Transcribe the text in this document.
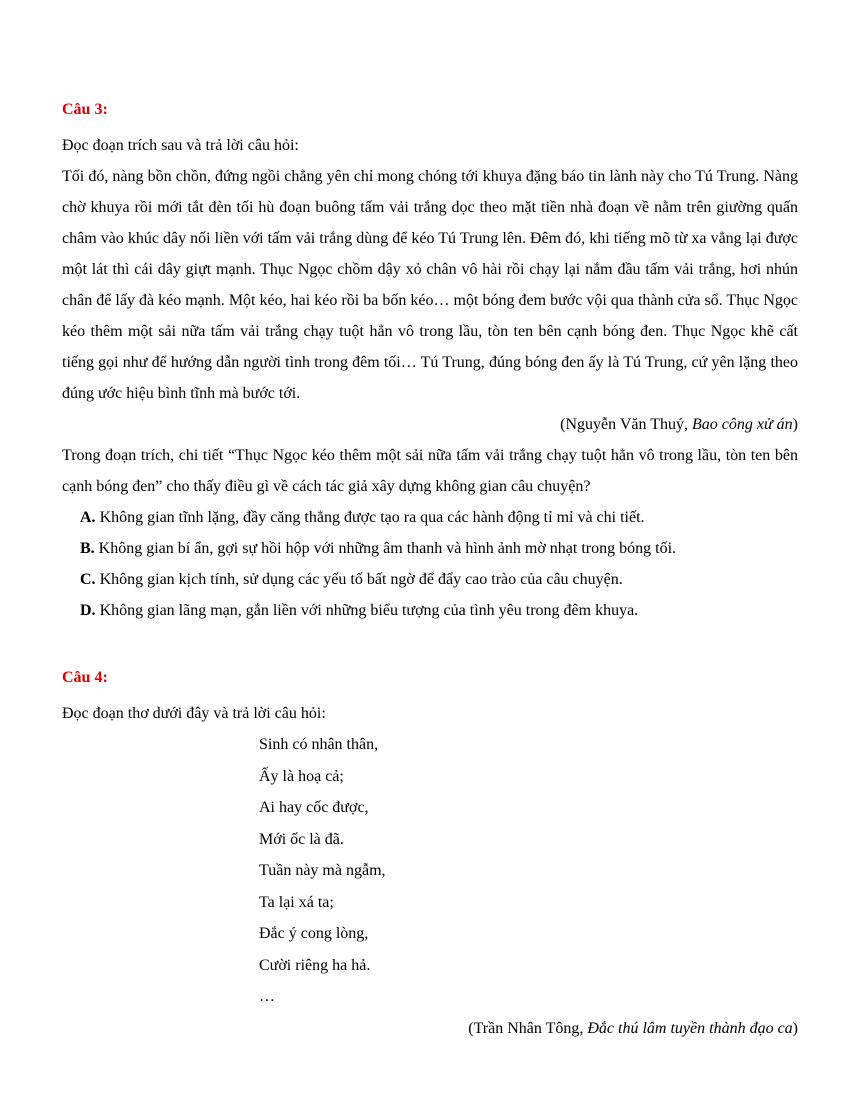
Câu 3:

Đọc đoạn trích sau và trả lời câu hỏi:

Tối đó, nàng bồn chồn, đứng ngồi chẳng yên chỉ mong chóng tới khuya đặng báo tin lành này cho Tú Trung. Nàng chờ khuya rồi mới tắt đèn tối hù đoạn buông tấm vải trắng dọc theo mặt tiền nhà đoạn về nằm trên giường quấn châm vào khúc dây nối liền với tấm vải trắng dùng để kéo Tú Trung lên. Đêm đó, khi tiếng mõ từ xa vẳng lại được một lát thì cái dây giựt mạnh. Thục Ngọc chồm dậy xỏ chân vô hài rồi chạy lại nắm đầu tấm vải trắng, hơi nhún chân để lấy đà kéo mạnh. Một kéo, hai kéo rồi ba bốn kéo… một bóng đem bước vội qua thành cửa sổ. Thục Ngọc kéo thêm một sải nữa tấm vải trắng chạy tuột hẳn vô trong lầu, tòn ten bên cạnh bóng đen. Thục Ngọc khẽ cất tiếng gọi như để hướng dẫn người tình trong đêm tối… Tú Trung, đúng bóng đen ấy là Tú Trung, cứ yên lặng theo đúng ước hiệu bình tĩnh mà bước tới.

(Nguyễn Văn Thuý, Bao công xử án)

Trong đoạn trích, chi tiết “Thục Ngọc kéo thêm một sải nữa tấm vải trắng chạy tuột hẳn vô trong lầu, tòn ten bên cạnh bóng đen” cho thấy điều gì về cách tác giả xây dựng không gian câu chuyện?

A. Không gian tĩnh lặng, đầy căng thẳng được tạo ra qua các hành động tỉ mỉ và chi tiết.

B. Không gian bí ẩn, gợi sự hồi hộp với những âm thanh và hình ảnh mờ nhạt trong bóng tối.

C. Không gian kịch tính, sử dụng các yếu tố bất ngờ để đẩy cao trào của câu chuyện.

D. Không gian lãng mạn, gắn liền với những biểu tượng của tình yêu trong đêm khuya.

Câu 4:

Đọc đoạn thơ dưới đây và trả lời câu hỏi:

Sinh có nhân thân,

Ấy là hoạ cả;

Ai hay cốc được,

Mới ốc là đã.

Tuần này mà ngẫm,

Ta lại xá ta;

Đắc ý cong lòng,

Cười riêng ha hả.

…

(Trần Nhân Tông, Đắc thú lâm tuyền thành đạo ca)
